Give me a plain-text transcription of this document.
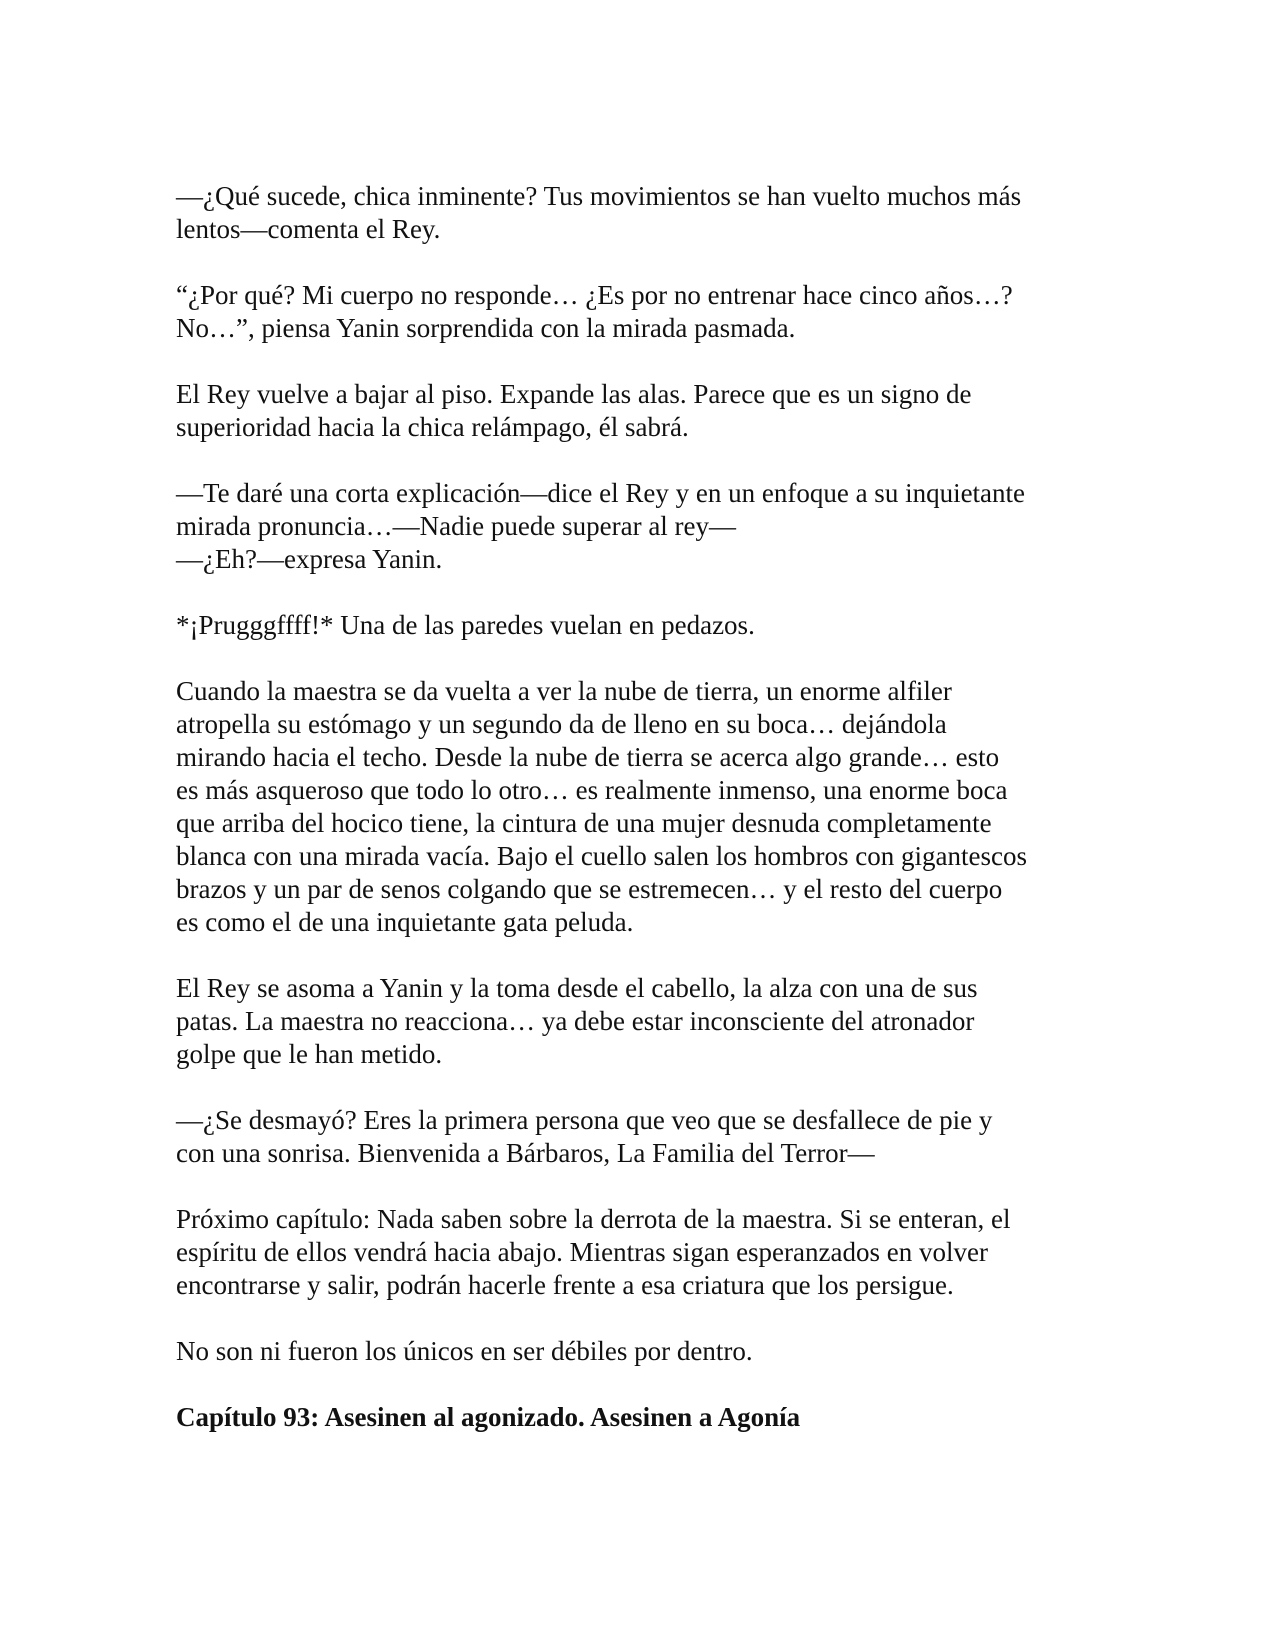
—¿Qué sucede, chica inminente? Tus movimientos se han vuelto muchos más
lentos—comenta el Rey.

“¿Por qué? Mi cuerpo no responde… ¿Es por no entrenar hace cinco años…?
No…”, piensa Yanin sorprendida con la mirada pasmada.

El Rey vuelve a bajar al piso. Expande las alas. Parece que es un signo de
superioridad hacia la chica relámpago, él sabrá.

—Te daré una corta explicación—dice el Rey y en un enfoque a su inquietante
mirada pronuncia…—Nadie puede superar al rey—
—¿Eh?—expresa Yanin.

*¡Prugggffff!* Una de las paredes vuelan en pedazos.

Cuando la maestra se da vuelta a ver la nube de tierra, un enorme alfiler
atropella su estómago y un segundo da de lleno en su boca… dejándola
mirando hacia el techo. Desde la nube de tierra se acerca algo grande… esto
es más asqueroso que todo lo otro… es realmente inmenso, una enorme boca
que arriba del hocico tiene, la cintura de una mujer desnuda completamente
blanca con una mirada vacía. Bajo el cuello salen los hombros con gigantescos
brazos y un par de senos colgando que se estremecen… y el resto del cuerpo
es como el de una inquietante gata peluda.

El Rey se asoma a Yanin y la toma desde el cabello, la alza con una de sus
patas. La maestra no reacciona… ya debe estar inconsciente del atronador
golpe que le han metido.

—¿Se desmayó? Eres la primera persona que veo que se desfallece de pie y
con una sonrisa. Bienvenida a Bárbaros, La Familia del Terror—

Próximo capítulo: Nada saben sobre la derrota de la maestra. Si se enteran, el
espíritu de ellos vendrá hacia abajo. Mientras sigan esperanzados en volver
encontrarse y salir, podrán hacerle frente a esa criatura que los persigue.

No son ni fueron los únicos en ser débiles por dentro.

Capítulo 93: Asesinen al agonizado. Asesinen a Agonía
